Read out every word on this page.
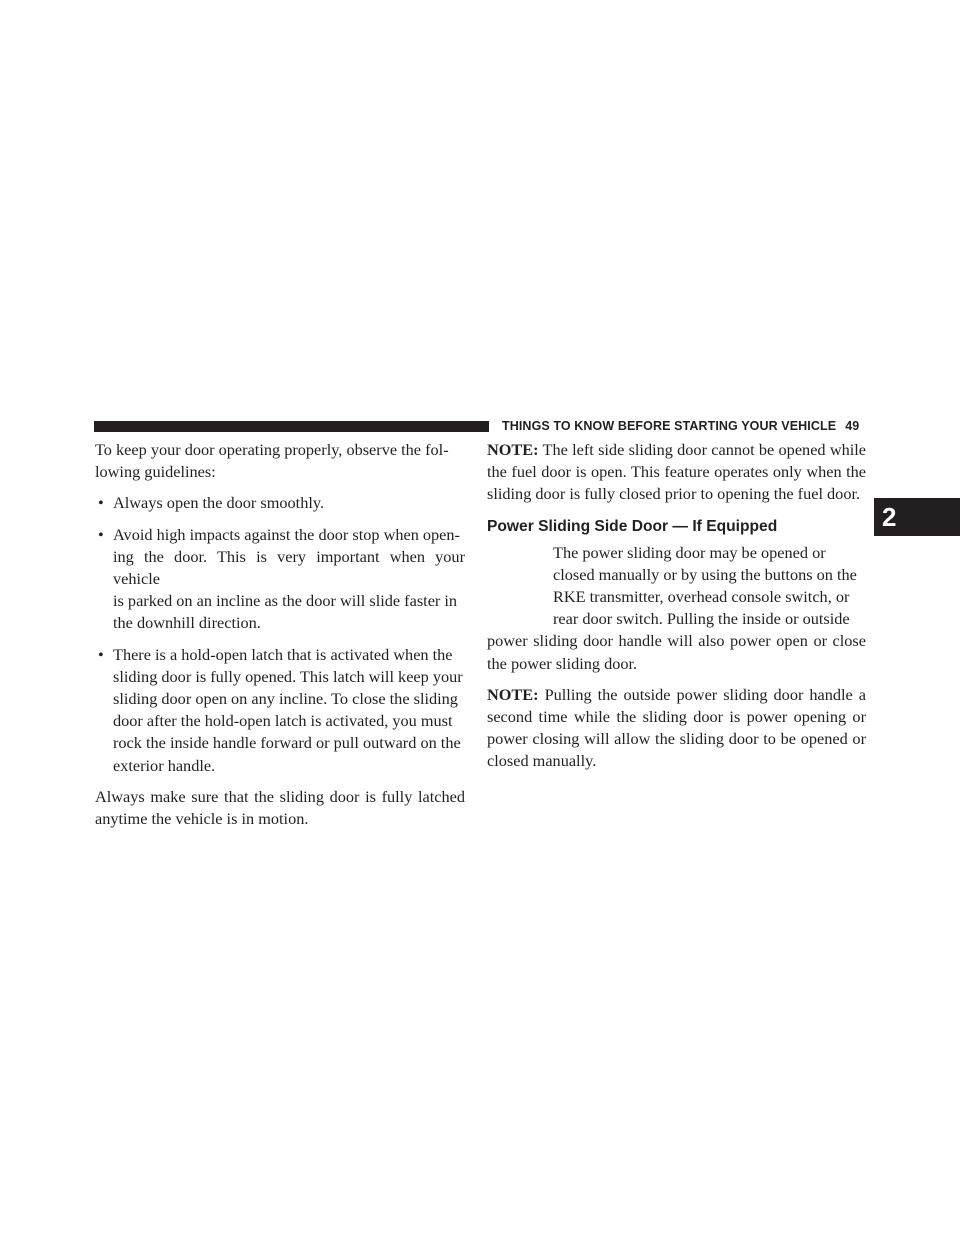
THINGS TO KNOW BEFORE STARTING YOUR VEHICLE 49
2

To keep your door operating properly, observe the fol-
lowing guidelines:

• Always open the door smoothly.
• Avoid high impacts against the door stop when open-
ing the door. This is very important when your vehicle
is parked on an incline as the door will slide faster in
the downhill direction.
• There is a hold-open latch that is activated when the
sliding door is fully opened. This latch will keep your
sliding door open on any incline. To close the sliding
door after the hold-open latch is activated, you must
rock the inside handle forward or pull outward on the
exterior handle.

Always make sure that the sliding door is fully latched anytime the vehicle is in motion.

NOTE: The left side sliding door cannot be opened while the fuel door is open. This feature operates only when the sliding door is fully closed prior to opening the fuel door.

Power Sliding Side Door — If Equipped

The power sliding door may be opened or
closed manually or by using the buttons on the
RKE transmitter, overhead console switch, or
rear door switch. Pulling the inside or outside
power sliding door handle will also power open or close the power sliding door.

NOTE: Pulling the outside power sliding door handle a second time while the sliding door is power opening or power closing will allow the sliding door to be opened or closed manually.
